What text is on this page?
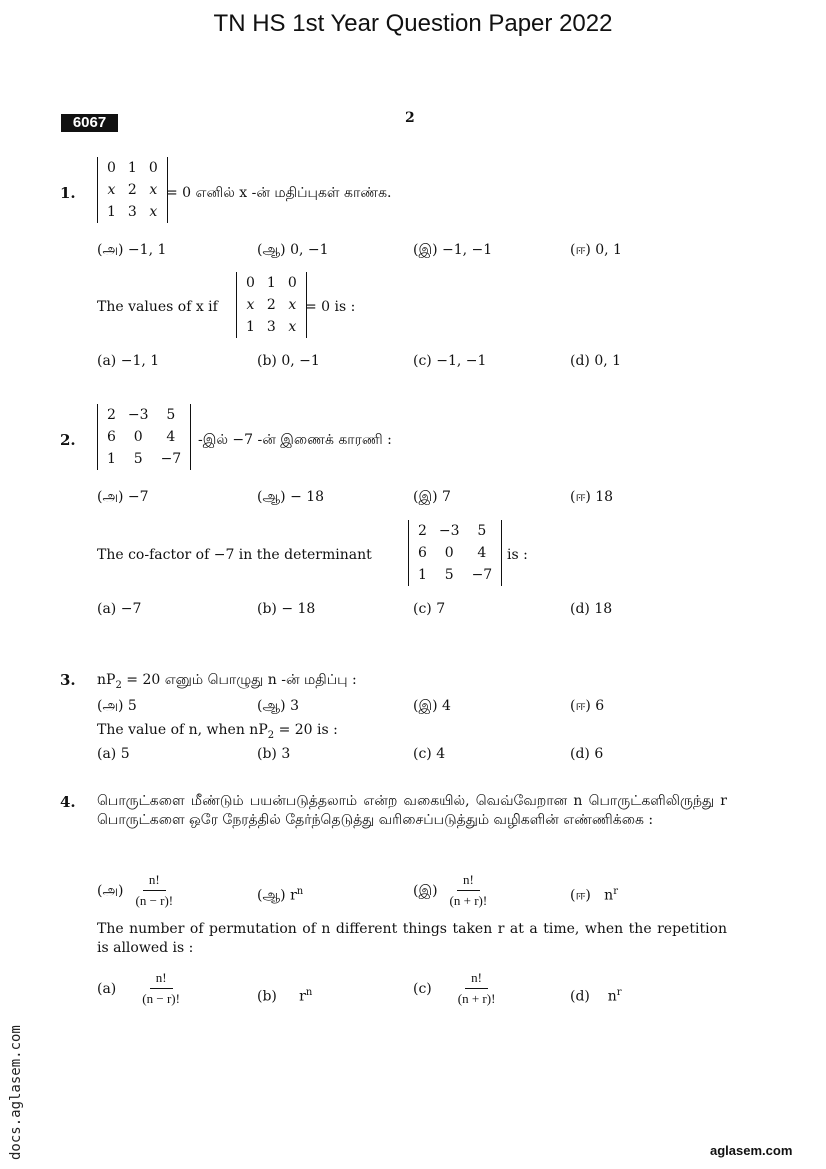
TN HS 1st Year Question Paper 2022
6067	2
1.
0	1	0
x	2	x
1	3	x
= 0 எனில் x -ன் மதிப்புகள் காண்க.
(அ) −1, 1	(ஆ) 0, −1	(இ) −1, −1	(ஈ) 0, 1
The values of x if
0	1	0
x	2	x
1	3	x
= 0 is :
(a) −1, 1	(b) 0, −1	(c) −1, −1	(d) 0, 1
2.
2	−3	5
6	0	4
1	5	−7
-இல் −7 -ன் இணைக் காரணி :
(அ) −7	(ஆ) − 18	(இ) 7	(ஈ) 18
The co-factor of −7 in the determinant
2	−3	5
6	0	4
1	5	−7
is :
(a) −7	(b) − 18	(c) 7	(d) 18
3. $nP_2 = 20$ எனும் பொழுது n -ன் மதிப்பு :
(அ) 5	(ஆ) 3	(இ) 4	(ஈ) 6
The value of n, when $nP_2 = 20$ is :
(a) 5	(b) 3	(c) 4	(d) 6
4. பொருட்களை மீண்டும் பயன்படுத்தலாம் என்ற வகையில், வெவ்வேறான n பொருட்களிலிருந்து r பொருட்களை ஒரே நேரத்தில் தேர்ந்தெடுத்து வரிசைப்படுத்தும் வழிகளின் எண்ணிக்கை :
(அ) $\frac{n!}{(n - r)!}$	(ஆ) $r^n$	(இ) $\frac{n!}{(n + r)!}$	(ஈ) $n^r$
The number of permutation of n different things taken r at a time, when the repetition is allowed is :
$(a) \frac{n!}{(n - r)!}$	(b) $r^n$	$(c) \frac{n!}{(n + r)!}$	(d) $n^r$
docs.aglasem.com	aglasem.com
